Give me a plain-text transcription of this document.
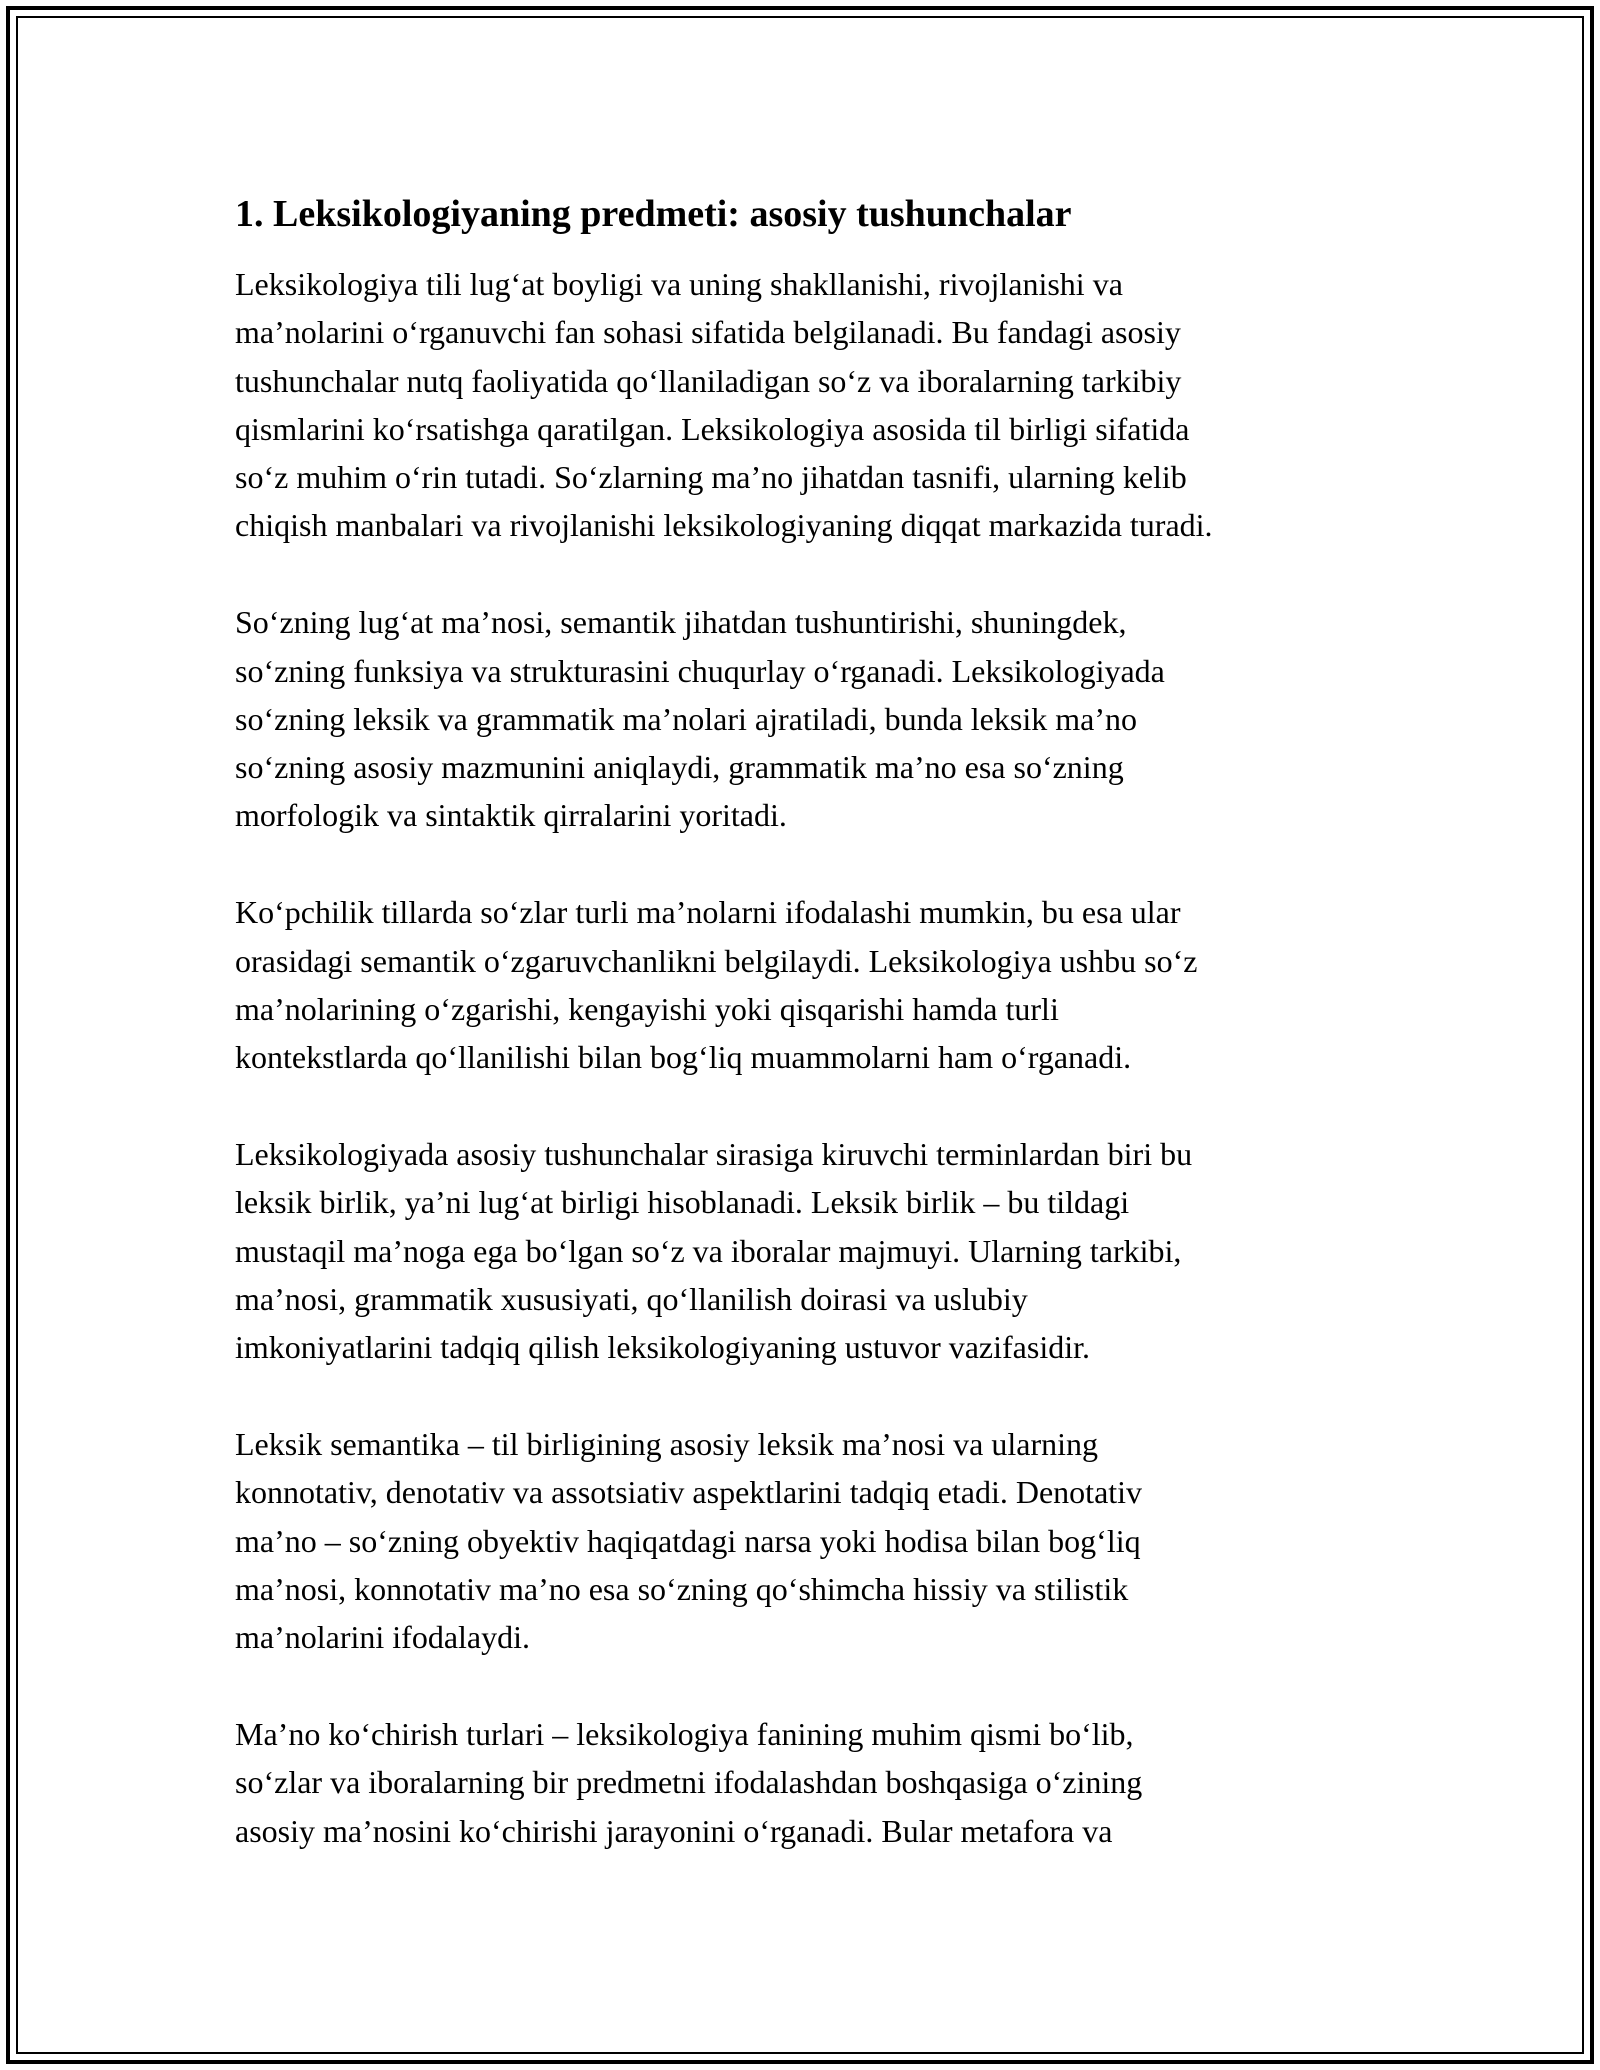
1. Leksikologiyaning predmeti: asosiy tushunchalar

Leksikologiya tili lug‘at boyligi va uning shakllanishi, rivojlanishi va
ma’nolarini o‘rganuvchi fan sohasi sifatida belgilanadi. Bu fandagi asosiy
tushunchalar nutq faoliyatida qo‘llaniladigan so‘z va iboralarning tarkibiy
qismlarini ko‘rsatishga qaratilgan. Leksikologiya asosida til birligi sifatida
so‘z muhim o‘rin tutadi. So‘zlarning ma’no jihatdan tasnifi, ularning kelib
chiqish manbalari va rivojlanishi leksikologiyaning diqqat markazida turadi.

So‘zning lug‘at ma’nosi, semantik jihatdan tushuntirishi, shuningdek,
so‘zning funksiya va strukturasini chuqurlay o‘rganadi. Leksikologiyada
so‘zning leksik va grammatik ma’nolari ajratiladi, bunda leksik ma’no
so‘zning asosiy mazmunini aniqlaydi, grammatik ma’no esa so‘zning
morfologik va sintaktik qirralarini yoritadi.

Ko‘pchilik tillarda so‘zlar turli ma’nolarni ifodalashi mumkin, bu esa ular
orasidagi semantik o‘zgaruvchanlikni belgilaydi. Leksikologiya ushbu so‘z
ma’nolarining o‘zgarishi, kengayishi yoki qisqarishi hamda turli
kontekstlarda qo‘llanilishi bilan bog‘liq muammolarni ham o‘rganadi.

Leksikologiyada asosiy tushunchalar sirasiga kiruvchi terminlardan biri bu
leksik birlik, ya’ni lug‘at birligi hisoblanadi. Leksik birlik – bu tildagi
mustaqil ma’noga ega bo‘lgan so‘z va iboralar majmuyi. Ularning tarkibi,
ma’nosi, grammatik xususiyati, qo‘llanilish doirasi va uslubiy
imkoniyatlarini tadqiq qilish leksikologiyaning ustuvor vazifasidir.

Leksik semantika – til birligining asosiy leksik ma’nosi va ularning
konnotativ, denotativ va assotsiativ aspektlarini tadqiq etadi. Denotativ
ma’no – so‘zning obyektiv haqiqatdagi narsa yoki hodisa bilan bog‘liq
ma’nosi, konnotativ ma’no esa so‘zning qo‘shimcha hissiy va stilistik
ma’nolarini ifodalaydi.

Ma’no ko‘chirish turlari – leksikologiya fanining muhim qismi bo‘lib,
so‘zlar va iboralarning bir predmetni ifodalashdan boshqasiga o‘zining
asosiy ma’nosini ko‘chirishi jarayonini o‘rganadi. Bular metafora va
